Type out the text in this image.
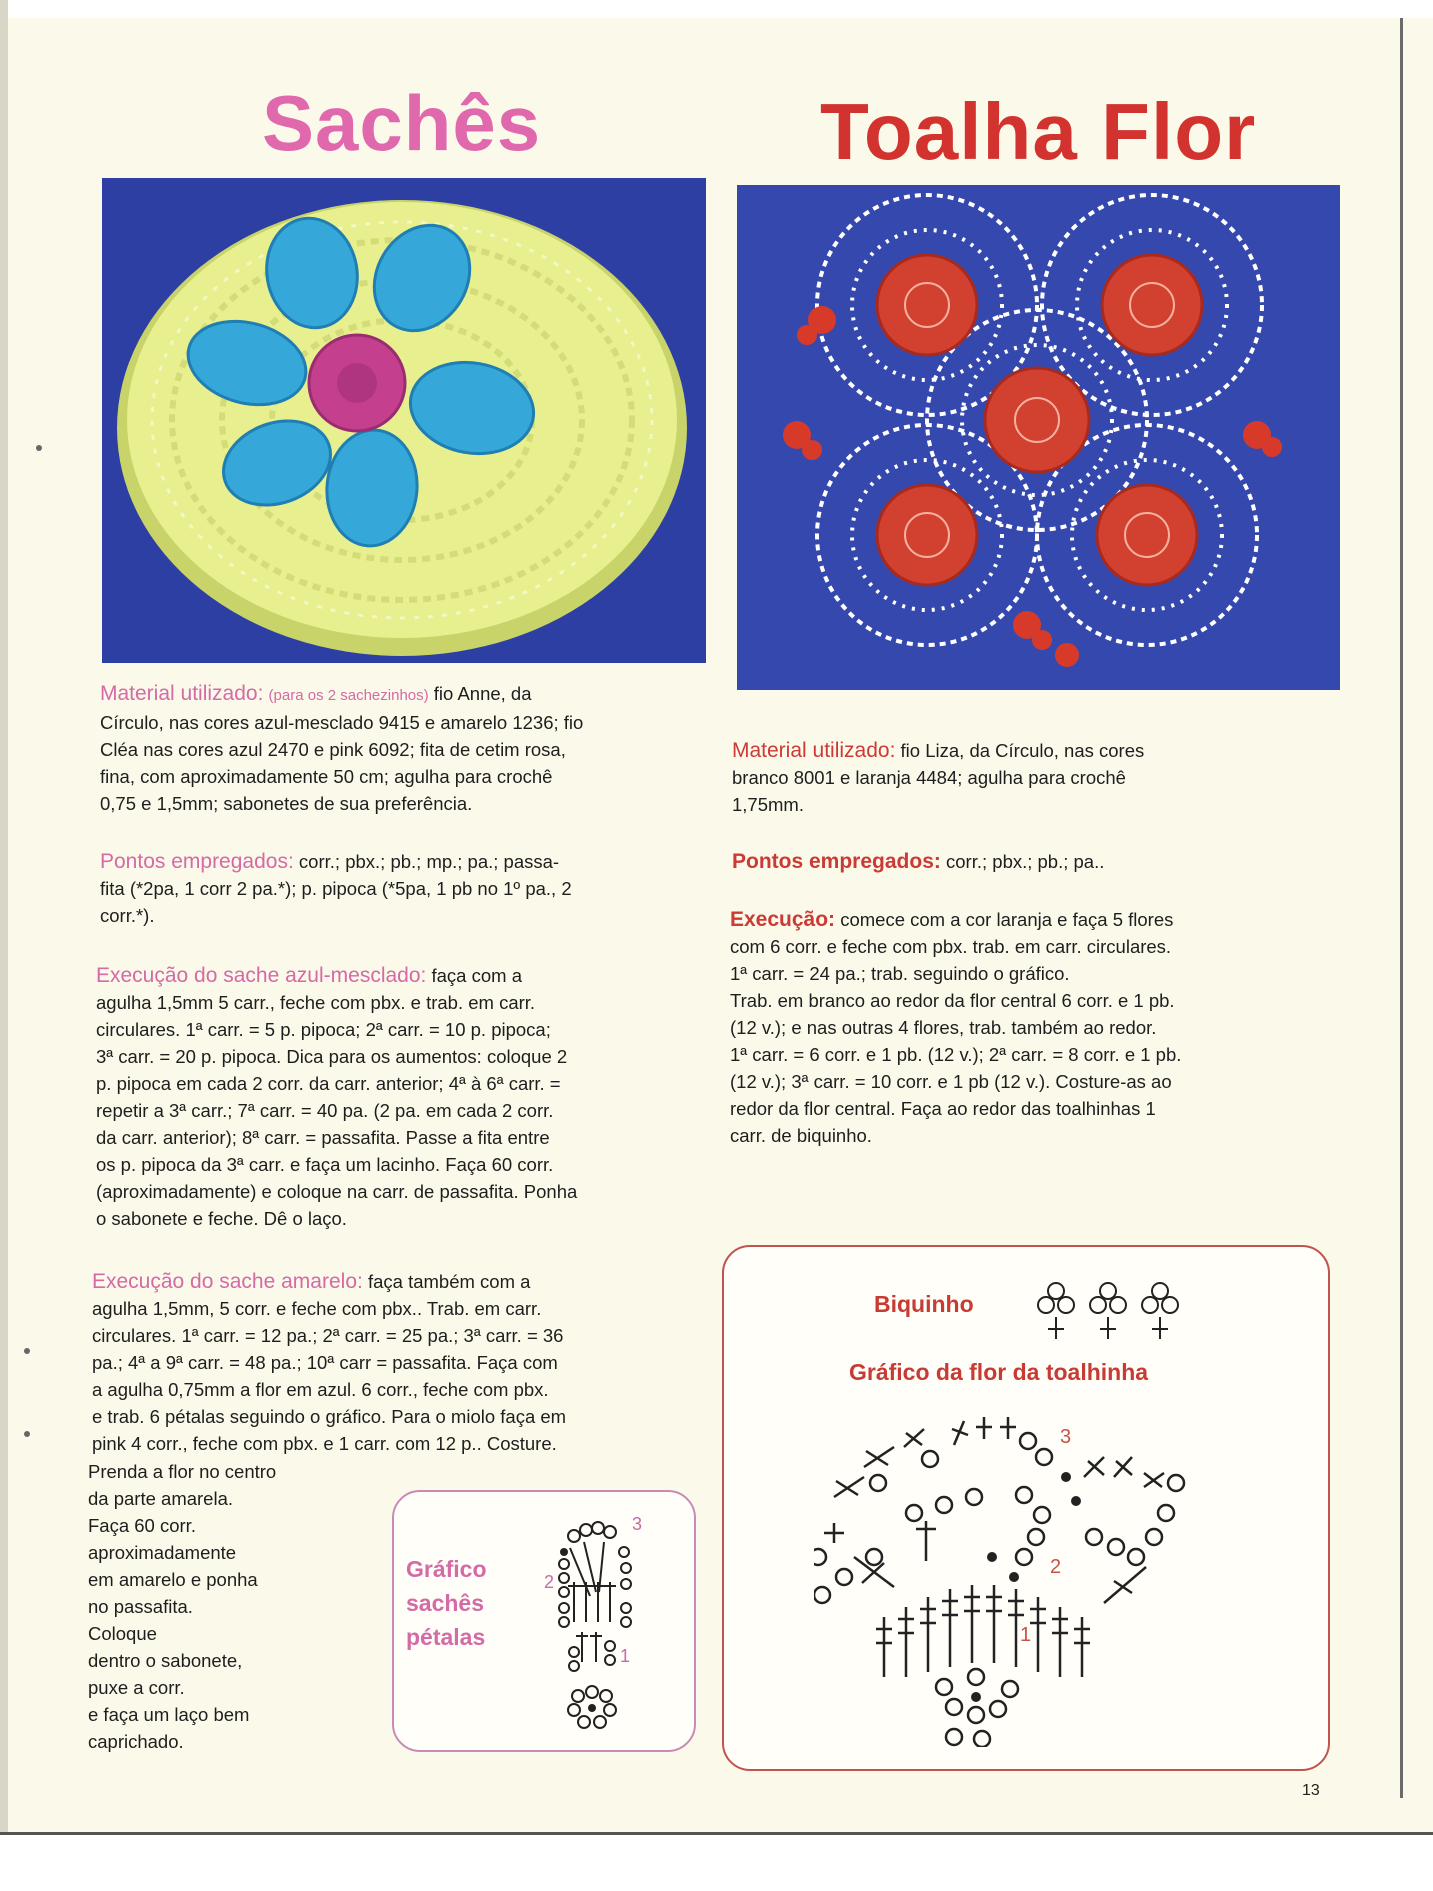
Sachês	Toalha Flor
Material utilizado: (para os 2 sachezinhos) fio Anne, da
Círculo, nas cores azul-mesclado 9415 e amarelo 1236; fio
Cléa nas cores azul 2470 e pink 6092; fita de cetim rosa,
fina, com aproximadamente 50 cm; agulha para crochê
0,75 e 1,5mm; sabonetes de sua preferência.
Pontos empregados: corr.; pbx.; pb.; mp.; pa.; passa-
fita (*2pa, 1 corr 2 pa.*); p. pipoca (*5pa, 1 pb no 1º pa., 2
corr.*).
Execução do sache azul-mesclado: faça com a
agulha 1,5mm 5 carr., feche com pbx. e trab. em carr.
circulares. 1ª carr. = 5 p. pipoca; 2ª carr. = 10 p. pipoca;
3ª carr. = 20 p. pipoca. Dica para os aumentos: coloque 2
p. pipoca em cada 2 corr. da carr. anterior; 4ª à 6ª carr. =
repetir a 3ª carr.; 7ª carr. = 40 pa. (2 pa. em cada 2 corr.
da carr. anterior); 8ª carr. = passafita. Passe a fita entre
os p. pipoca da 3ª carr. e faça um lacinho. Faça 60 corr.
(aproximadamente) e coloque na carr. de passafita. Ponha
o sabonete e feche. Dê o laço.
Execução do sache amarelo: faça também com a
agulha 1,5mm, 5 corr. e feche com pbx.. Trab. em carr.
circulares. 1ª carr. = 12 pa.; 2ª carr. = 25 pa.; 3ª carr. = 36
pa.; 4ª a 9ª carr. = 48 pa.; 10ª carr = passafita. Faça com
a agulha 0,75mm a flor em azul. 6 corr., feche com pbx.
e trab. 6 pétalas seguindo o gráfico. Para o miolo faça em
pink 4 corr., feche com pbx. e 1 carr. com 12 p.. Costure.
Prenda a flor no centro
da parte amarela.
Faça 60 corr.
aproximadamente
em amarelo e ponha
no passafita.
Coloque
dentro o sabonete,
puxe a corr.
e faça um laço bem
caprichado.
Gráfico
sachês
pétalas
3
2
1
Material utilizado: fio Liza, da Círculo, nas cores
branco 8001 e laranja 4484; agulha para crochê
1,75mm.
Pontos empregados: corr.; pbx.; pb.; pa..
Execução: comece com a cor laranja e faça 5 flores
com 6 corr. e feche com pbx. trab. em carr. circulares.
1ª carr. = 24 pa.; trab. seguindo o gráfico.
Trab. em branco ao redor da flor central 6 corr. e 1 pb.
(12 v.); e nas outras 4 flores, trab. também ao redor.
1ª carr. = 6 corr. e 1 pb. (12 v.); 2ª carr. = 8 corr. e 1 pb.
(12 v.); 3ª carr. = 10 corr. e 1 pb (12 v.). Costure-as ao
redor da flor central. Faça ao redor das toalhinhas 1
carr. de biquinho.
Biquinho
Gráfico da flor da toalhinha
3
2
1
13
